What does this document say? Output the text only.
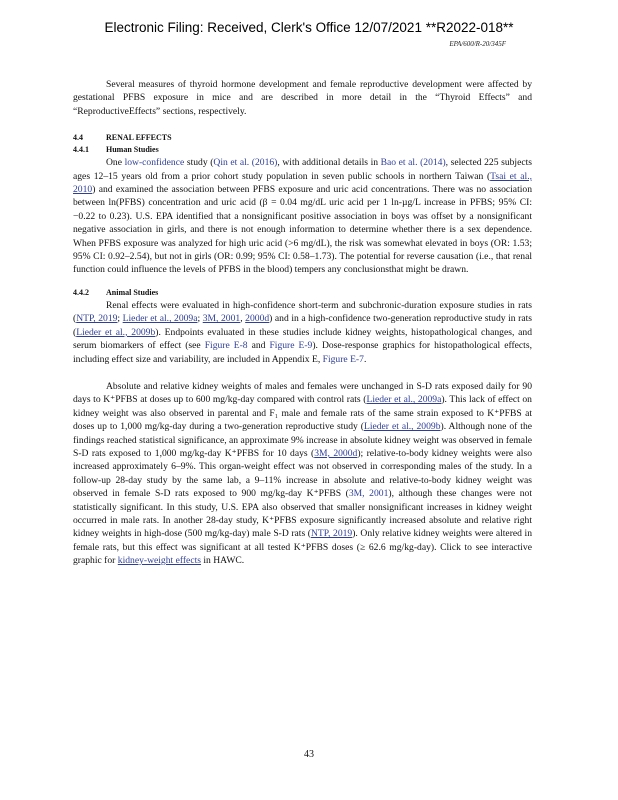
Electronic Filing: Received, Clerk's Office 12/07/2021 **R2022-018**
EPA/600/R-20/345F

Several measures of thyroid hormone development and female reproductive development were affected by gestational PFBS exposure in mice and are described in more detail in the “Thyroid Effects” and “ReproductiveEffects” sections, respectively.

4.4	RENAL EFFECTS
4.4.1 Human Studies

One low-confidence study (Qin et al. (2016), with additional details in Bao et al. (2014), selected 225 subjects ages 12–15 years old from a prior cohort study population in seven public schools in northern Taiwan (Tsai et al., 2010) and examined the association between PFBS exposure and uric acid concentrations. There was no association between ln(PFBS) concentration and uric acid (β = 0.04 mg/dL uric acid per 1 ln-µg/L increase in PFBS; 95% CI: −0.22 to 0.23). U.S. EPA identified that a nonsignificant positive association in boys was offset by a nonsignificant negative association in girls, and there is not enough information to determine whether there is a sex dependence. When PFBS exposure was analyzed for high uric acid (>6 mg/dL), the risk was somewhat elevated in boys (OR: 1.53; 95% CI: 0.92–2.54), but not in girls (OR: 0.99; 95% CI: 0.58–1.73). The potential for reverse causation (i.e., that renal function could influence the levels of PFBS in the blood) tempers any conclusionsthat might be drawn.

4.4.2 Animal Studies

Renal effects were evaluated in high-confidence short-term and subchronic-duration exposure studies in rats (NTP, 2019; Lieder et al., 2009a; 3M, 2001, 2000d) and in a high-confidence two-generation reproductive study in rats (Lieder et al., 2009b). Endpoints evaluated in these studies include kidney weights, histopathological changes, and serum biomarkers of effect (see Figure E-8 and Figure E-9). Dose-response graphics for histopathological effects, including effect size and variability, are included in Appendix E, Figure E-7.

Absolute and relative kidney weights of males and females were unchanged in S-D rats exposed daily for 90 days to K⁺PFBS at doses up to 600 mg/kg-day compared with control rats (Lieder et al., 2009a). This lack of effect on kidney weight was also observed in parental and F₁ male and female rats of the same strain exposed to K⁺PFBS at doses up to 1,000 mg/kg-day during a two-generation reproductive study (Lieder et al., 2009b). Although none of the findings reached statistical significance, an approximate 9% increase in absolute kidney weight was observed in female S-D rats exposed to 1,000 mg/kg-day K⁺PFBS for 10 days (3M, 2000d); relative-to-body kidney weights were also increased approximately 6–9%. This organ-weight effect was not observed in corresponding males of the study. In a follow-up 28-day study by the same lab, a 9–11% increase in absolute and relative-to-body kidney weight was observed in female S-D rats exposed to 900 mg/kg-day K⁺PFBS (3M, 2001), although these changes were not statistically significant. In this study, U.S. EPA also observed that smaller nonsignificant increases in kidney weight occurred in male rats. In another 28-day study, K⁺PFBS exposure significantly increased absolute and relative right kidney weights in high-dose (500 mg/kg-day) male S-D rats (NTP, 2019). Only relative kidney weights were altered in female rats, but this effect was significant at all tested K⁺PFBS doses (≥ 62.6 mg/kg-day). Click to see interactive graphic for kidney-weight effects in HAWC.

43
